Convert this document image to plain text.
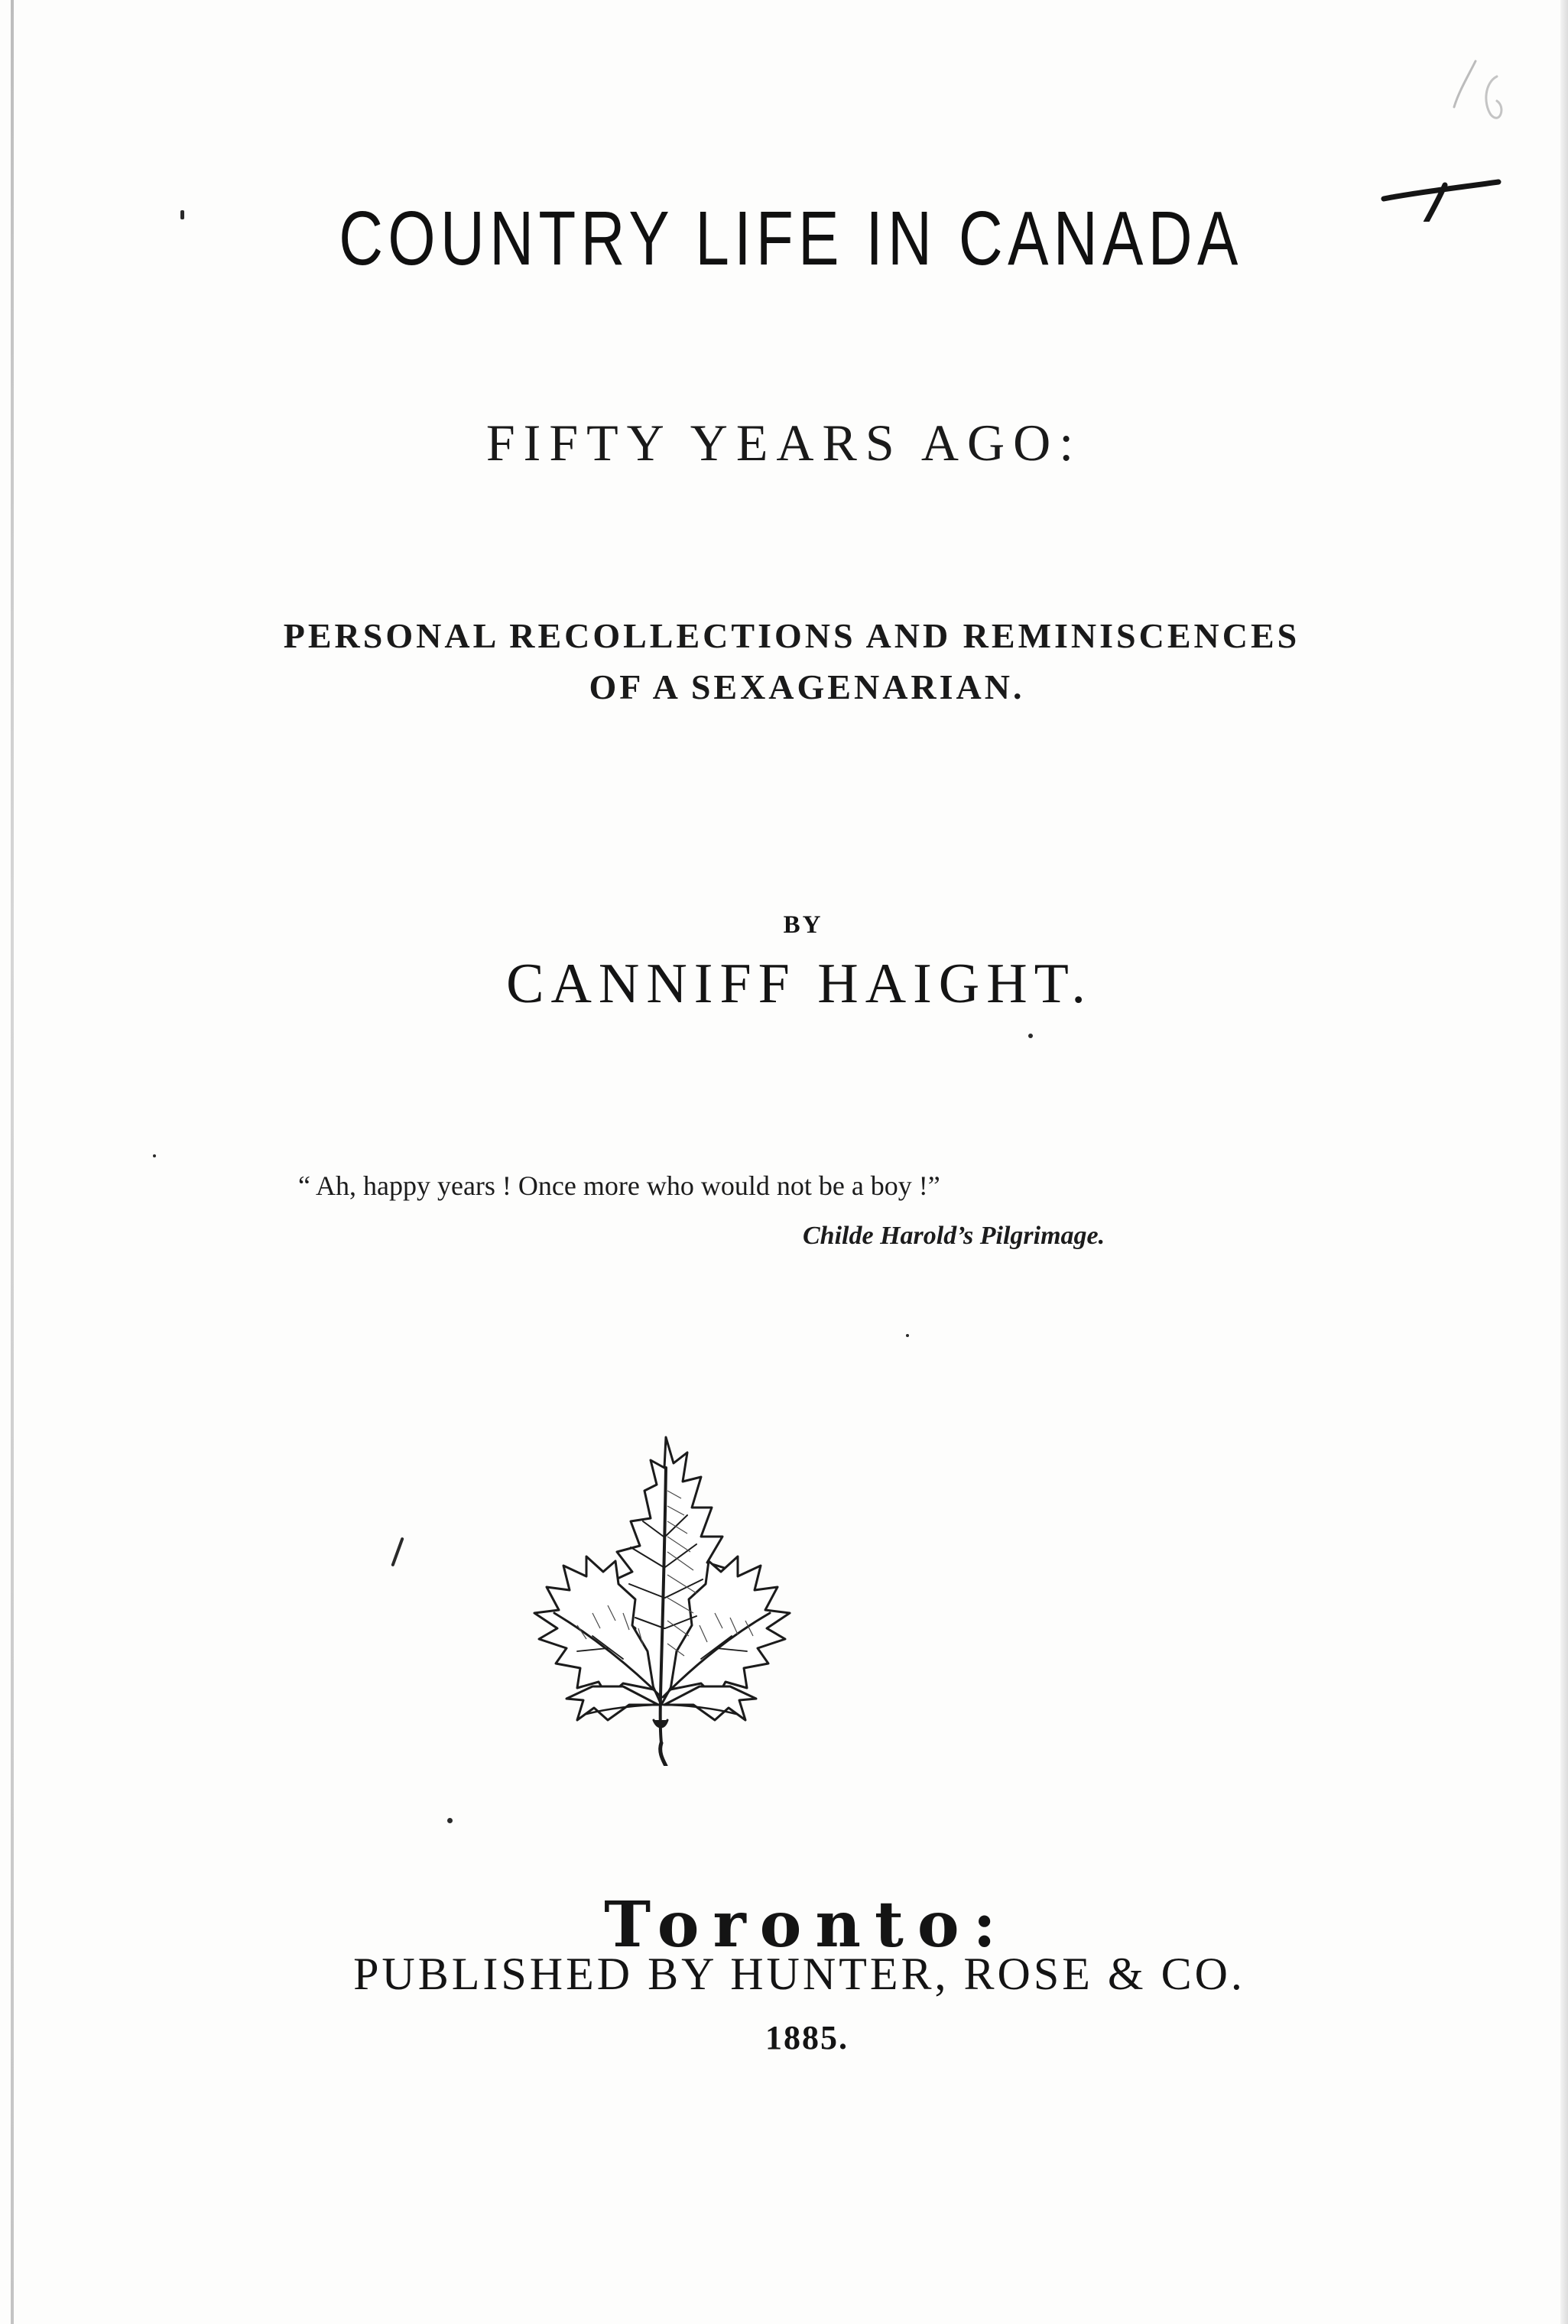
COUNTRY LIFE IN CANADA
FIFTY YEARS AGO:
PERSONAL RECOLLECTIONS AND REMINISCENCES
OF A SEXAGENARIAN.
BY
CANNIFF HAIGHT.
“ Ah, happy years ! Once more who would not be a boy !”
Childe Harold’s Pilgrimage.
Toronto:
PUBLISHED BY HUNTER, ROSE & CO.
1885.
